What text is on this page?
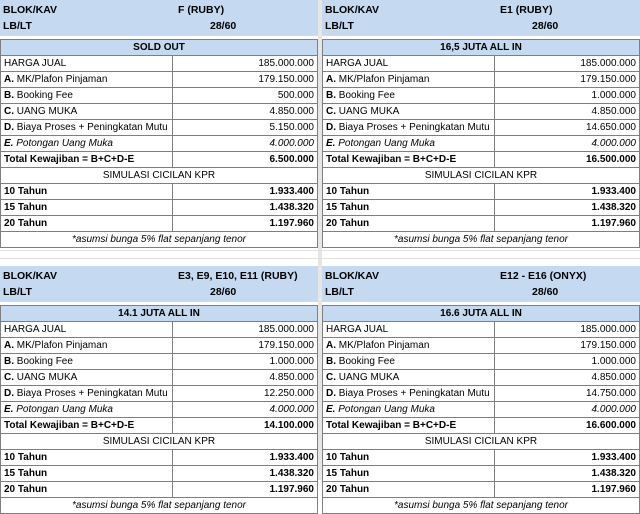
BLOK/KAV	F (RUBY)
LB/LT	28/60
SOLD OUT	
HARGA JUAL	185.000.000
A. MK/Plafon Pinjaman	179.150.000
B. Booking Fee	500.000
C. UANG MUKA	4.850.000
D. Biaya Proses + Peningkatan Mutu	5.150.000
E. Potongan Uang Muka	4.000.000
Total Kewajiban = B+C+D-E	6.500.000
SIMULASI CICILAN KPR	
10 Tahun	1.933.400
15 Tahun	1.438.320
20 Tahun	1.197.960
*asumsi bunga 5% flat sepanjang tenor	
BLOK/KAV	E1 (RUBY)
LB/LT	28/60
16,5 JUTA ALL IN	
HARGA JUAL	185.000.000
A. MK/Plafon Pinjaman	179.150.000
B. Booking Fee	1.000.000
C. UANG MUKA	4.850.000
D. Biaya Proses + Peningkatan Mutu	14.650.000
E. Potongan Uang Muka	4.000.000
Total Kewajiban = B+C+D-E	16.500.000
SIMULASI CICILAN KPR	
10 Tahun	1.933.400
15 Tahun	1.438.320
20 Tahun	1.197.960
*asumsi bunga 5% flat sepanjang tenor	
BLOK/KAV	E3, E9, E10, E11 (RUBY)
LB/LT	28/60
14.1 JUTA ALL IN	
HARGA JUAL	185.000.000
A. MK/Plafon Pinjaman	179.150.000
B. Booking Fee	1.000.000
C. UANG MUKA	4.850.000
D. Biaya Proses + Peningkatan Mutu	12.250.000
E. Potongan Uang Muka	4.000.000
Total Kewajiban = B+C+D-E	14.100.000
SIMULASI CICILAN KPR	
10 Tahun	1.933.400
15 Tahun	1.438.320
20 Tahun	1.197.960
*asumsi bunga 5% flat sepanjang tenor	
BLOK/KAV	E12 - E16 (ONYX)
LB/LT	28/60
16.6 JUTA ALL IN	
HARGA JUAL	185.000.000
A. MK/Plafon Pinjaman	179.150.000
B. Booking Fee	1.000.000
C. UANG MUKA	4.850.000
D. Biaya Proses + Peningkatan Mutu	14.750.000
E. Potongan Uang Muka	4.000.000
Total Kewajiban = B+C+D-E	16.600.000
SIMULASI CICILAN KPR	
10 Tahun	1.933.400
15 Tahun	1.438.320
20 Tahun	1.197.960
*asumsi bunga 5% flat sepanjang tenor	
